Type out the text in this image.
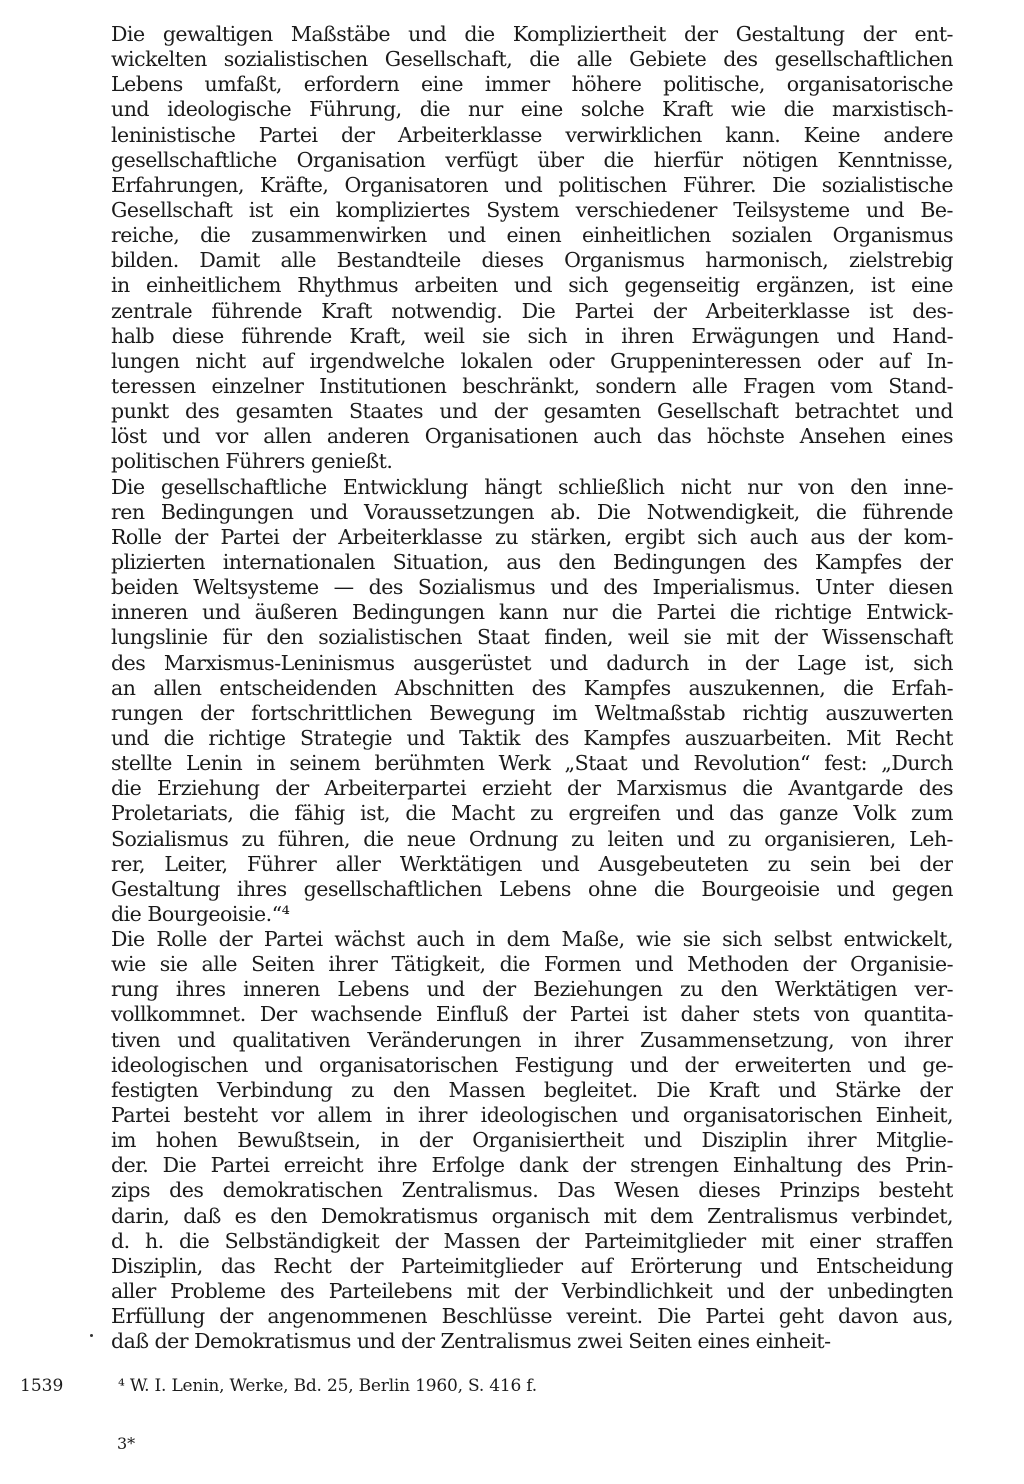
Die gewaltigen Maßstäbe und die Kompliziertheit der Gestaltung der ent-
wickelten sozialistischen Gesellschaft, die alle Gebiete des gesellschaftlichen
Lebens umfaßt, erfordern eine immer höhere politische, organisatorische
und ideologische Führung, die nur eine solche Kraft wie die marxistisch-
leninistische Partei der Arbeiterklasse verwirklichen kann. Keine andere
gesellschaftliche Organisation verfügt über die hierfür nötigen Kenntnisse,
Erfahrungen, Kräfte, Organisatoren und politischen Führer. Die sozialistische
Gesellschaft ist ein kompliziertes System verschiedener Teilsysteme und Be-
reiche, die zusammenwirken und einen einheitlichen sozialen Organismus
bilden. Damit alle Bestandteile dieses Organismus harmonisch, zielstrebig
in einheitlichem Rhythmus arbeiten und sich gegenseitig ergänzen, ist eine
zentrale führende Kraft notwendig. Die Partei der Arbeiterklasse ist des-
halb diese führende Kraft, weil sie sich in ihren Erwägungen und Hand-
lungen nicht auf irgendwelche lokalen oder Gruppeninteressen oder auf In-
teressen einzelner Institutionen beschränkt, sondern alle Fragen vom Stand-
punkt des gesamten Staates und der gesamten Gesellschaft betrachtet und
löst und vor allen anderen Organisationen auch das höchste Ansehen eines
politischen Führers genießt.
Die gesellschaftliche Entwicklung hängt schließlich nicht nur von den inne-
ren Bedingungen und Voraussetzungen ab. Die Notwendigkeit, die führende
Rolle der Partei der Arbeiterklasse zu stärken, ergibt sich auch aus der kom-
plizierten internationalen Situation, aus den Bedingungen des Kampfes der
beiden Weltsysteme — des Sozialismus und des Imperialismus. Unter diesen
inneren und äußeren Bedingungen kann nur die Partei die richtige Entwick-
lungslinie für den sozialistischen Staat finden, weil sie mit der Wissenschaft
des Marxismus-Leninismus ausgerüstet und dadurch in der Lage ist, sich
an allen entscheidenden Abschnitten des Kampfes auszukennen, die Erfah-
rungen der fortschrittlichen Bewegung im Weltmaßstab richtig auszuwerten
und die richtige Strategie und Taktik des Kampfes auszuarbeiten. Mit Recht
stellte Lenin in seinem berühmten Werk „Staat und Revolution“ fest: „Durch
die Erziehung der Arbeiterpartei erzieht der Marxismus die Avantgarde des
Proletariats, die fähig ist, die Macht zu ergreifen und das ganze Volk zum
Sozialismus zu führen, die neue Ordnung zu leiten und zu organisieren, Leh-
rer, Leiter, Führer aller Werktätigen und Ausgebeuteten zu sein bei der
Gestaltung ihres gesellschaftlichen Lebens ohne die Bourgeoisie und gegen
die Bourgeoisie.“⁴
Die Rolle der Partei wächst auch in dem Maße, wie sie sich selbst entwickelt,
wie sie alle Seiten ihrer Tätigkeit, die Formen und Methoden der Organisie-
rung ihres inneren Lebens und der Beziehungen zu den Werktätigen ver-
vollkommnet. Der wachsende Einfluß der Partei ist daher stets von quantita-
tiven und qualitativen Veränderungen in ihrer Zusammensetzung, von ihrer
ideologischen und organisatorischen Festigung und der erweiterten und ge-
festigten Verbindung zu den Massen begleitet. Die Kraft und Stärke der
Partei besteht vor allem in ihrer ideologischen und organisatorischen Einheit,
im hohen Bewußtsein, in der Organisiertheit und Disziplin ihrer Mitglie-
der. Die Partei erreicht ihre Erfolge dank der strengen Einhaltung des Prin-
zips des demokratischen Zentralismus. Das Wesen dieses Prinzips besteht
darin, daß es den Demokratismus organisch mit dem Zentralismus verbindet,
d. h. die Selbständigkeit der Massen der Parteimitglieder mit einer straffen
Disziplin, das Recht der Parteimitglieder auf Erörterung und Entscheidung
aller Probleme des Parteilebens mit der Verbindlichkeit und der unbedingten
Erfüllung der angenommenen Beschlüsse vereint. Die Partei geht davon aus,
daß der Demokratismus und der Zentralismus zwei Seiten eines einheit-
1539	⁴ W. I. Lenin, Werke, Bd. 25, Berlin 1960, S. 416 f.
3*
